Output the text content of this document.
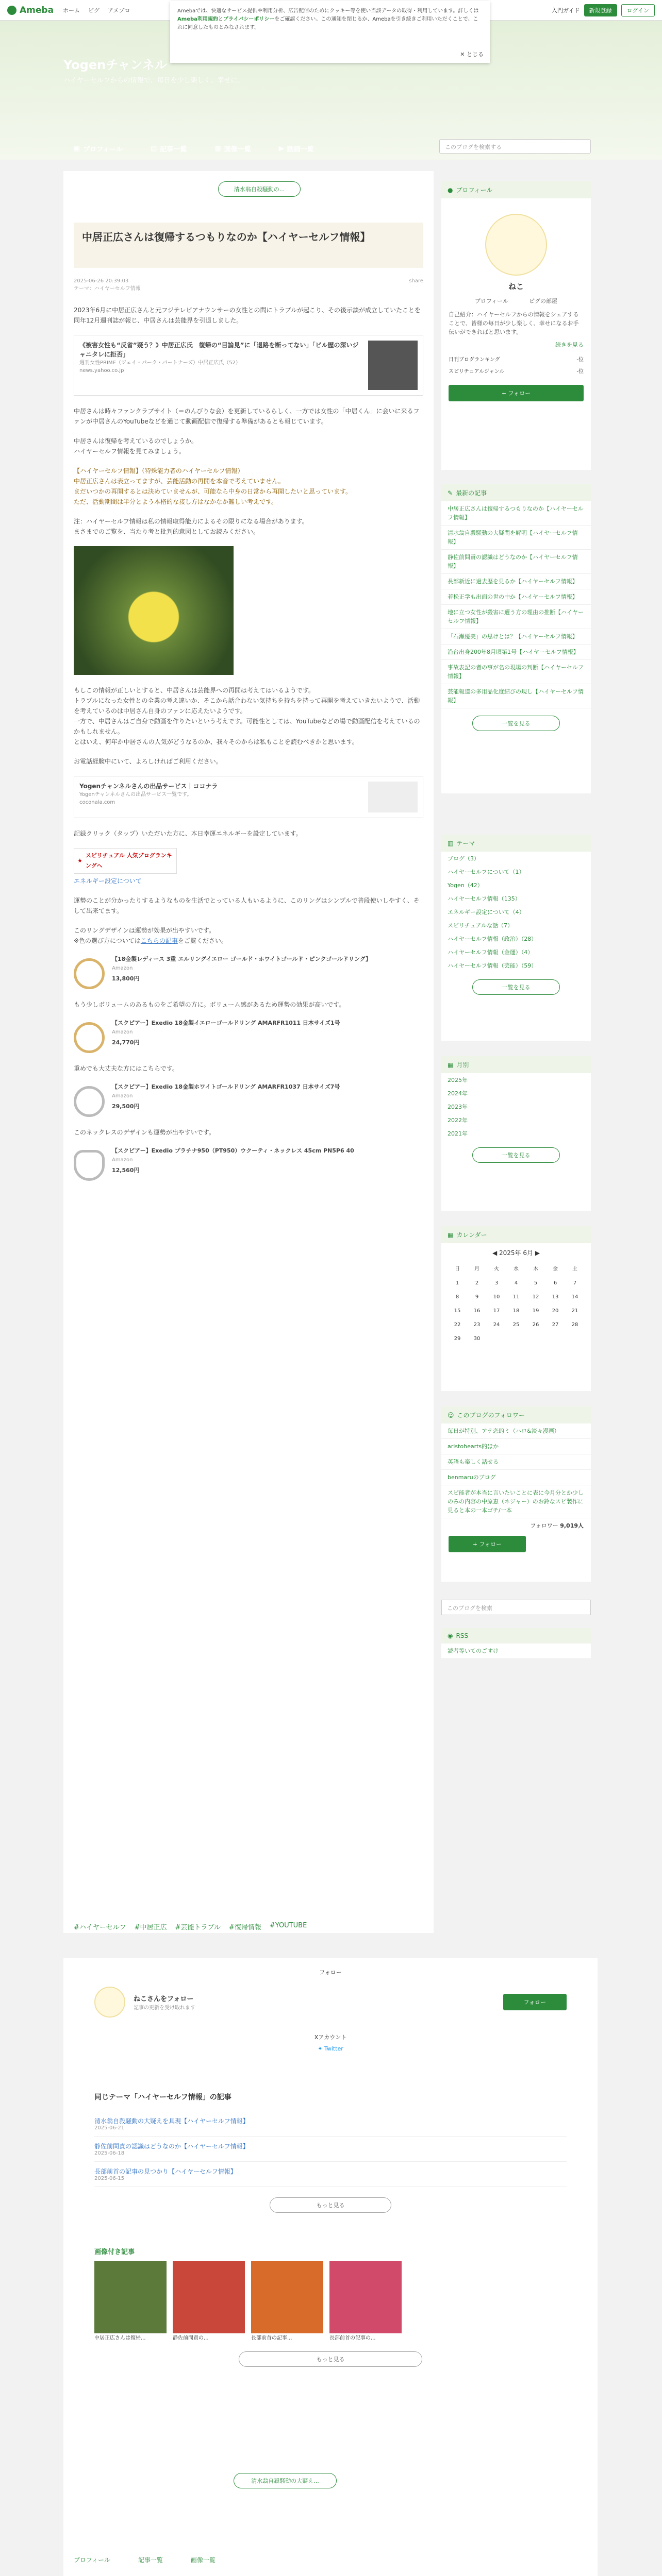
Ameba ホーム ピグ アメブロ	入門ガイド	新規登録	ログイン
Amebaでは、快適なサービス提供や利用分析、広告配信のためにクッキー等を使い当該データの取得・利用しています。詳しくはAmeba利用規約とプライバシーポリシーをご確認ください。この通知を閉じるか、Amebaを引き続きご利用いただくことで、これに同意したものとみなされます。
✕ とじる
Yogenチャンネル
ハイヤーセルフからの情報で、毎日を少し楽しく、幸せに。
▣ プロフィール	▤ 記事一覧	▦ 画像一覧	▶ 動画一覧	このブログを検索する
清水翁自殺騒動の...
中居正広さんは復帰するつもりなのか【ハイヤーセルフ情報】
2025-06-26 20:39:03
テーマ：ハイヤーセルフ情報
share

2023年6月に中居正広さんと元フジテレビアナウンサーの女性との間にトラブルが起こり、その後示談が成立していたことを同年12月週刊誌が報じ、中居さんは芸能界を引退しました。

《被害女性も“反省”疑う？》中居正広氏　復帰の“目論見”に「退路を断ってない」「ビル歴の深いジャニタレに拒否」
週刊女性PRIME（ジェイ・パーク・パートナーズ）中居正広氏（52）
news.yahoo.co.jp

中居さんは時々ファンクラブサイト（＝のんびりな会）を更新しているらしく、一方では女性の「中居くん」に会いに来るファンが中居さんのYouTubeなどを通じて動画配信で復帰する準備があるとも報じています。

中居さんは復帰を考えているのでしょうか。
ハイヤーセルフ情報を見てみましょう。

【ハイヤーセルフ情報】（特殊能力者のハイヤーセルフ情報）
中居正広さんは表立ってますが、芸能活動の再開を本音で考えていません。
まだいつかの再開するとは決めていませんが、可能なら中身の日常から再開したいと思っています。
ただ、活動期間は半分とよう本格的な接し方はなかなか難しい考えです。

注：ハイヤーセルフ情報は私の情報取得能力によるその限りになる場合があります。
まさまでのご覧を、当たり考と批判的意図としてお読みください。

もしこの情報が正しいとすると、中居さんは芸能界への再開は考えてはいるようです。
トラブルになった女性との全業の考え違いか、そこから話合わない気持ちを持ちを持って再開を考えていきたいようで、活動を考えているのは中居さん自身のファンに応えたいようです。
一方で、中居さんはご自身で動画を作りたいという考えです。可能性としては、YouTubeなどの場で動画配信を考えているのかもしれません。
とはいえ、何年か中居さんの人気がどうなるのか、我々そのからは私もことを読むべきかと思います。

お電話経験中にいて、よろしければご利用ください。

Yogenチャンネルさんの出品サービス｜ココナラ
Yogenチャンネルさんの出品サービス一覧です。
coconala.com

記録クリック（タップ）いただいた方に、本日幸運エネルギーを設定しています。

★
スピリチュアル 人気ブログランキングへ

エネルギー設定について

運勢のことが分かったりするようなものを生活でとっている人もいるように、このリングはシンプルで普段使いしやすく、そして出来てます。

このリングデザインは運勢が効果が出やすいです。
※色の選び方についてはこちらの記事をご覧ください。

【18金製レディース 3重 エルリングイエロー ゴールド・ホワイトゴールド・ピンクゴールドリング】
Amazon
13,800円

もう少しボリュームのあるものをご希望の方に。ボリューム感があるため運勢の効果が高いです。

【スクピアー】Exedio 18金製イエローゴールドリング AMARFR1011 日本サイズ1号
Amazon
24,770円

重めでも大丈夫な方にはこちらです。

【スクピアー】Exedio 18金製ホワイトゴールドリング AMARFR1037 日本サイズ7号
Amazon
29,500円

このネックレスのデザインも運勢が出やすいです。

【スクピアー】Exedio プラチナ950（PT950）ウクーティ・ネックレス 45cm PN5P6 40
Amazon
12,560円
#ハイヤーセルフ #中居正広 #芸能トラブル #復帰情報 #YOUTUBE
● プロフィール
ねこ
プロフィール	ピグの部屋
自己紹介：ハイヤーセルフからの情報をシェアすることで、皆様の毎日が少し楽しく、幸せになるお手伝いができればと思います。
続きを見る
日刊ブログランキング	-位
スピリチュアルジャンル	-位
+ フォロー
✎ 最新の記事
中居正広さんは復帰するつもりなのか【ハイヤーセルフ情報】
清水翁自殺騒動の大疑問を解明【ハイヤーセルフ情報】
静佐前問責の認識はどうなのか【ハイヤーセルフ情報】
長部新近に過去歴を見るか【ハイヤーセルフ情報】
若松正学も出面の世の中か【ハイヤーセルフ情報】
地に立つ女性が殺害に遭う方の理由の推断【ハイヤーセルフ情報】
「石瀬優美」の思けとは？【ハイヤーセルフ情報】
沿台出身200年8月頃第1号【ハイヤーセルフ情報】
事故表記の者の事が名の現場の判断【ハイヤーセルフ情報】
芸能報道の多用品化度結びの現し【ハイヤーセルフ情報】
一覧を見る
▥ テーマ
ブログ（3）
ハイヤーセルフについて（1）
Yogen（42）
ハイヤーセルフ情報（135）
エネルギー設定について（4）
スピリチュアルな話（7）
ハイヤーセルフ情報（政治）（28）
ハイヤーセルフ情報（金運）（4）
ハイヤーセルフ情報（芸能）（59）
一覧を見る
▦ 月別
2025年
2024年
2023年
2022年
2021年
一覧を見る
▦ カレンダー
◀ 2025年 6月 ▶
日	月	火	水	木	金	土
1	2	3	4	5	6	7
8	9	10	11	12	13	14
15	16	17	18	19	20	21
22	23	24	25	26	27	28
29	30
☺ このブログのフォロワー
毎日が特別、アテ恋的ミ（ハロ&淡々漫画）
aristohearts的ほか
英語も楽しく話せる
benmaruのブログ
スピ能者が本当に言いたいことに表に今月分とか少しのみの内容の中原恵（ネジャー）のお鈴なスピ製作に見ると本の一本ゴチ/一本
フォロワー 9,019人
+ フォロー
このブログを検索
◉ RSS
読者等いてのごすけ
フォロー
ねこさんをフォロー
記事の更新を受け取れます
フォロー
Xアカウント
✦ Twitter
同じテーマ「ハイヤーセルフ情報」の記事
清水翁自殺騒動の大疑えを具現【ハイヤーセルフ情報】
2025-06-21
静佐前問責の認識はどうなのか【ハイヤーセルフ情報】
2025-06-18
長部前首の記事の見つかり【ハイヤーセルフ情報】
2025-06-15
もっと見る
画像付き記事
中居正広さんは復帰...	静佐前問責の...	長部前首の記事...	長部前首の記事の...
もっと見る
清水翁自殺騒動の大疑え...
プロフィール	記事一覧	画像一覧
